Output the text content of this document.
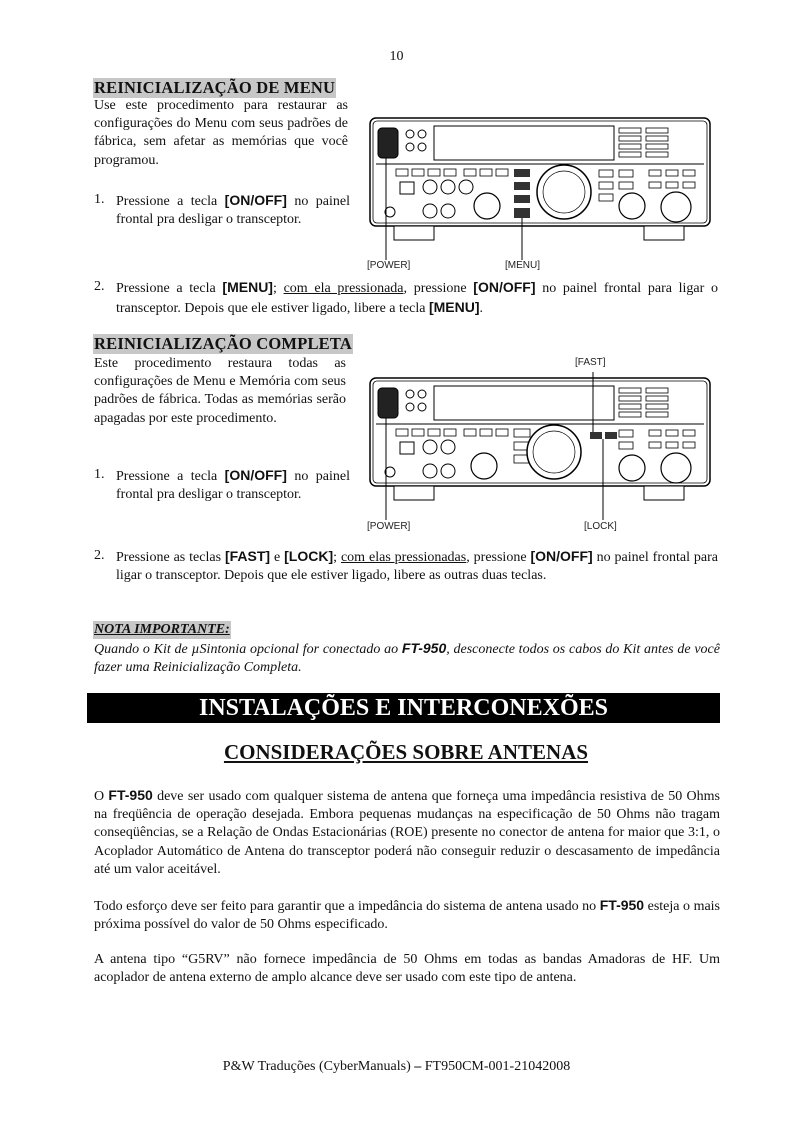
10
REINICIALIZAÇÃO DE MENU
Use este procedimento para restaurar as configurações do Menu com seus padrões de fábrica, sem afetar as memórias que você programou.
1. Pressione a tecla [ON/OFF] no painel frontal pra desligar o transceptor.
[POWER]	[MENU]
2. Pressione a tecla [MENU]; com ela pressionada, pressione [ON/OFF] no painel frontal para ligar o transceptor. Depois que ele estiver ligado, libere a tecla [MENU].
REINICIALIZAÇÃO COMPLETA
Este procedimento restaura todas as configurações de Menu e Memória com seus padrões de fábrica. Todas as memórias serão apagadas por este procedimento.
1. Pressione a tecla [ON/OFF] no painel frontal pra desligar o transceptor.
[FAST]
[POWER]	[LOCK]
2. Pressione as teclas [FAST] e [LOCK]; com elas pressionadas, pressione [ON/OFF] no painel frontal para ligar o transceptor. Depois que ele estiver ligado, libere as outras duas teclas.
NOTA IMPORTANTE:
Quando o Kit de µSintonia opcional for conectado ao FT-950, desconecte todos os cabos do Kit antes de você fazer uma Reinicialização Completa.
INSTALAÇÕES E INTERCONEXÕES
CONSIDERAÇÕES SOBRE ANTENAS
O FT-950 deve ser usado com qualquer sistema de antena que forneça uma impedância resistiva de 50 Ohms na freqüência de operação desejada. Embora pequenas mudanças na especificação de 50 Ohms não tragam conseqüências, se a Relação de Ondas Estacionárias (ROE) presente no conector de antena for maior que 3:1, o Acoplador Automático de Antena do transceptor poderá não conseguir reduzir o descasamento de impedância até um valor aceitável.
Todo esforço deve ser feito para garantir que a impedância do sistema de antena usado no FT-950 esteja o mais próxima possível do valor de 50 Ohms especificado.
A antena tipo “G5RV” não fornece impedância de 50 Ohms em todas as bandas Amadoras de HF. Um acoplador de antena externo de amplo alcance deve ser usado com este tipo de antena.
P&W Traduções (CyberManuals) – FT950CM-001-21042008
